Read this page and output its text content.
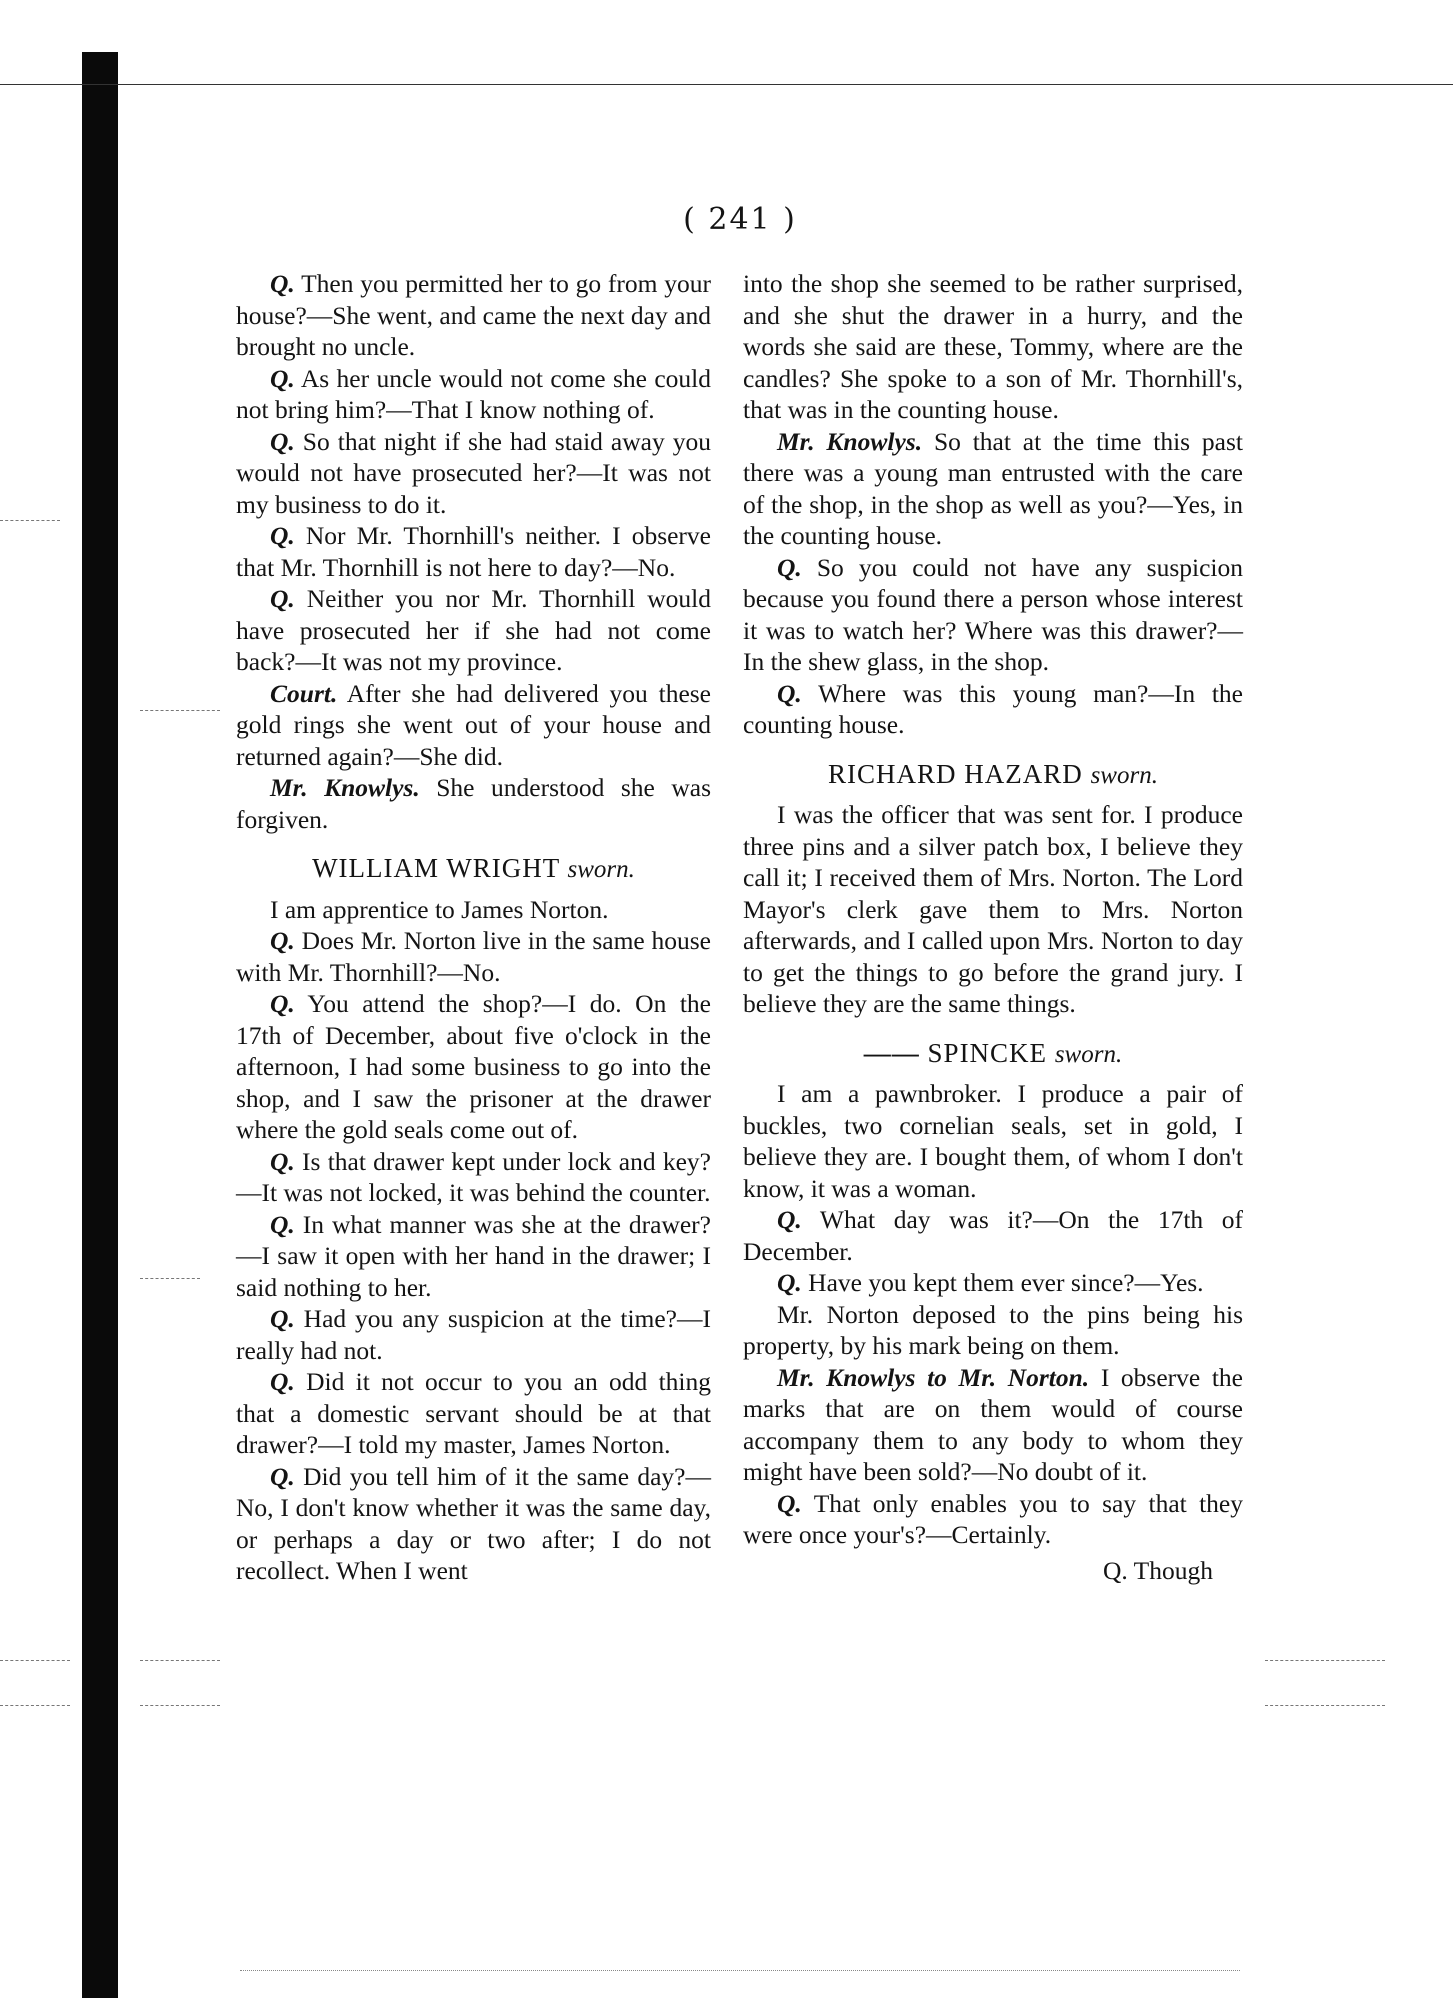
( 241 )

Q. Then you permitted her to go from your house?—She went, and came the next day and brought no uncle.

Q. As her uncle would not come she could not bring him?—That I know nothing of.

Q. So that night if she had staid away you would not have prosecuted her?—It was not my business to do it.

Q. Nor Mr. Thornhill's neither. I observe that Mr. Thornhill is not here to day?—No.

Q. Neither you nor Mr. Thornhill would have prosecuted her if she had not come back?—It was not my province.

Court. After she had delivered you these gold rings she went out of your house and returned again?—She did.

Mr. Knowlys. She understood she was forgiven.

WILLIAM WRIGHT sworn.

I am apprentice to James Norton.

Q. Does Mr. Norton live in the same house with Mr. Thornhill?—No.

Q. You attend the shop?—I do. On the 17th of December, about five o'clock in the afternoon, I had some business to go into the shop, and I saw the prisoner at the drawer where the gold seals come out of.

Q. Is that drawer kept under lock and key?—It was not locked, it was behind the counter.

Q. In what manner was she at the drawer?—I saw it open with her hand in the drawer; I said nothing to her.

Q. Had you any suspicion at the time?—I really had not.

Q. Did it not occur to you an odd thing that a domestic servant should be at that drawer?—I told my master, James Norton.

Q. Did you tell him of it the same day?—No, I don't know whether it was the same day, or perhaps a day or two after; I do not recollect. When I went

into the shop she seemed to be rather surprised, and she shut the drawer in a hurry, and the words she said are these, Tommy, where are the candles? She spoke to a son of Mr. Thornhill's, that was in the counting house.

Mr. Knowlys. So that at the time this past there was a young man entrusted with the care of the shop, in the shop as well as you?—Yes, in the counting house.

Q. So you could not have any suspicion because you found there a person whose interest it was to watch her? Where was this drawer?—In the shew glass, in the shop.

Q. Where was this young man?—In the counting house.

RICHARD HAZARD sworn.

I was the officer that was sent for. I produce three pins and a silver patch box, I believe they call it; I received them of Mrs. Norton. The Lord Mayor's clerk gave them to Mrs. Norton afterwards, and I called upon Mrs. Norton to day to get the things to go before the grand jury. I believe they are the same things.

—— SPINCKE sworn.

I am a pawnbroker. I produce a pair of buckles, two cornelian seals, set in gold, I believe they are. I bought them, of whom I don't know, it was a woman.

Q. What day was it?—On the 17th of December.

Q. Have you kept them ever since?—Yes.

Mr. Norton deposed to the pins being his property, by his mark being on them.

Mr. Knowlys to Mr. Norton. I observe the marks that are on them would of course accompany them to any body to whom they might have been sold?—No doubt of it.

Q. That only enables you to say that they were once your's?—Certainly.

Q. Though
